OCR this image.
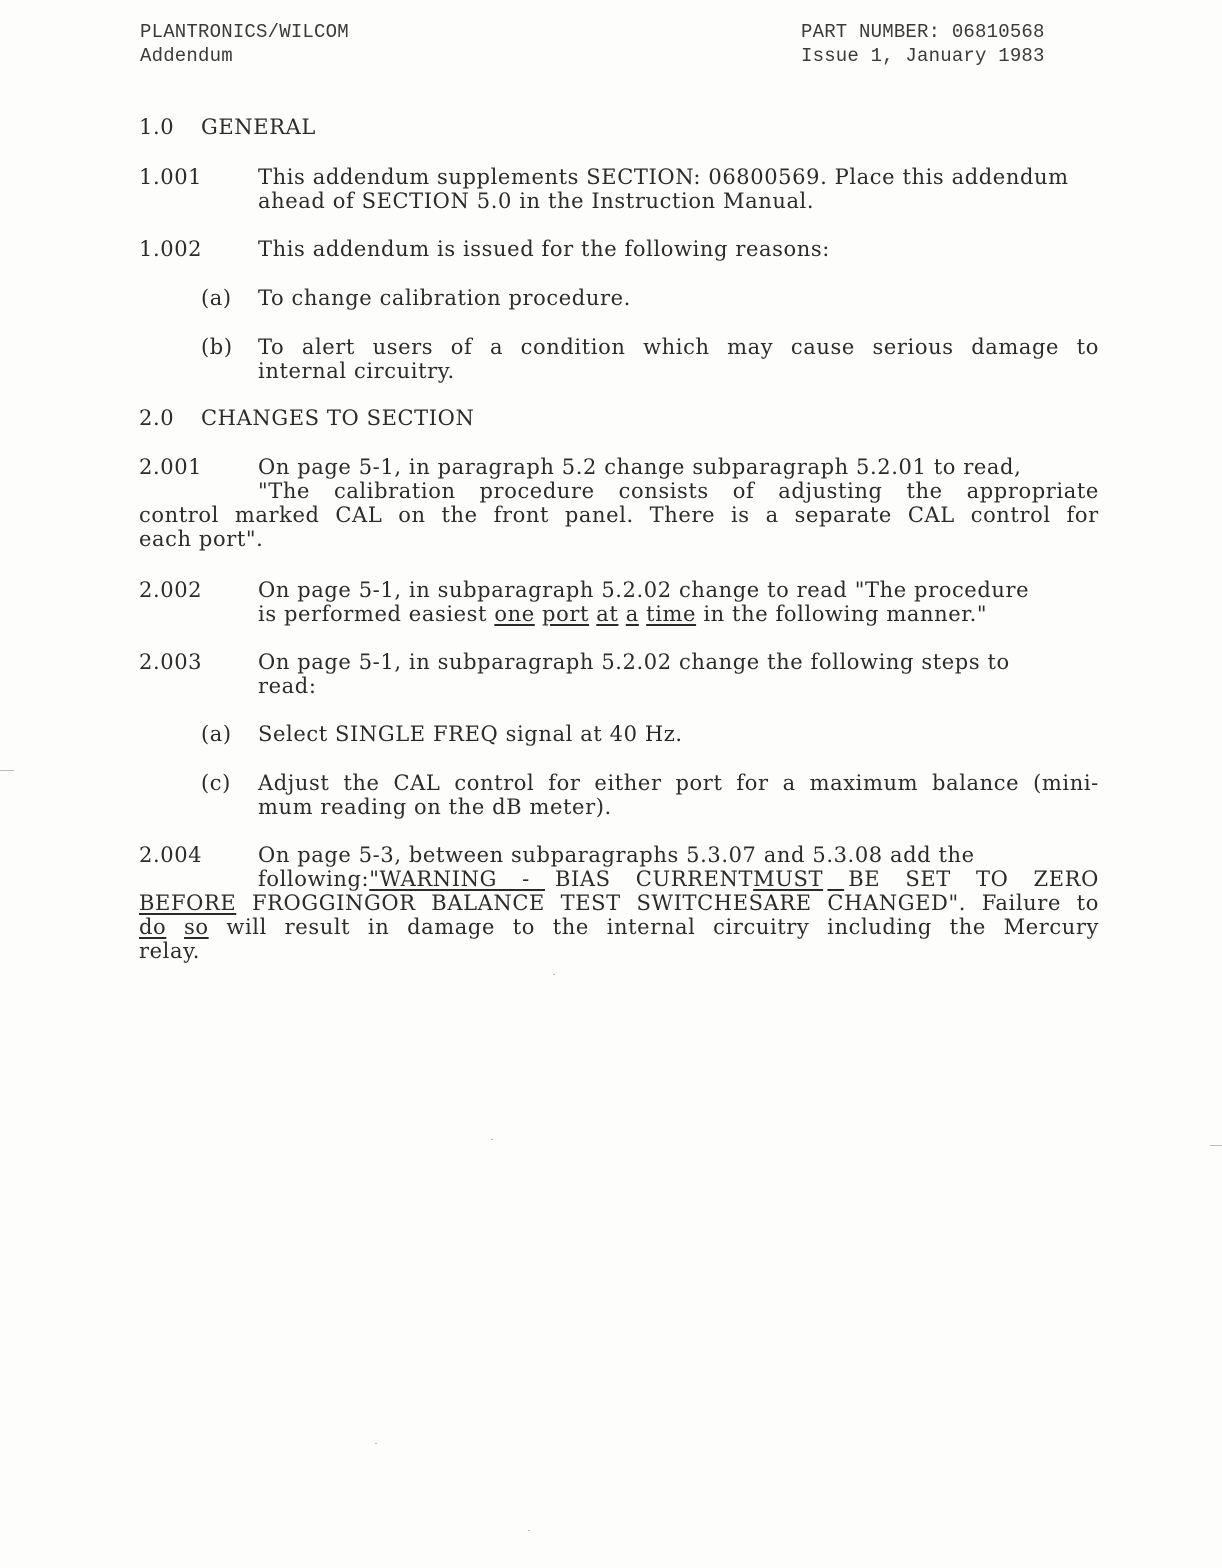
PLANTRONICS/WILCOM
Addendum
PART NUMBER: 06810568
Issue 1, January 1983
1.0 GENERAL
1.001	This addendum supplements SECTION: 06800569. Place this addendum
ahead of SECTION 5.0 in the Instruction Manual.
1.002	This addendum is issued for the following reasons:
(a) To change calibration procedure.
(b) To alert users of a condition which may cause serious damage to
internal circuitry.
2.0 CHANGES TO SECTION
2.001	On page 5-1, in paragraph 5.2 change subparagraph 5.2.01 to read,
"The calibration procedure consists of adjusting the appropriate
control marked CAL on the front panel. There is a separate CAL control for
each port".
2.002	On page 5-1, in subparagraph 5.2.02 change to read "The procedure
is performed easiest one port at a time in the following manner."
2.003	On page 5-1, in subparagraph 5.2.02 change the following steps to
read:
(a) Select SINGLE FREQ signal at 40 Hz.
(c) Adjust the CAL control for either port for a maximum balance (mini-
mum reading on the dB meter).
2.004	On page 5-3, between subparagraphs 5.3.07 and 5.3.08 add the
following:"WARNING - BIAS CURRENTMUST BE SET TO ZERO
BEFORE $FROGGING\overline{OR}$ BALANCE TEST $SWITCHES\overline{ARE}$ $\overline{C}HANGED$". Failure to
do so will result in damage to the internal circuitry including the Mercury
relay.
